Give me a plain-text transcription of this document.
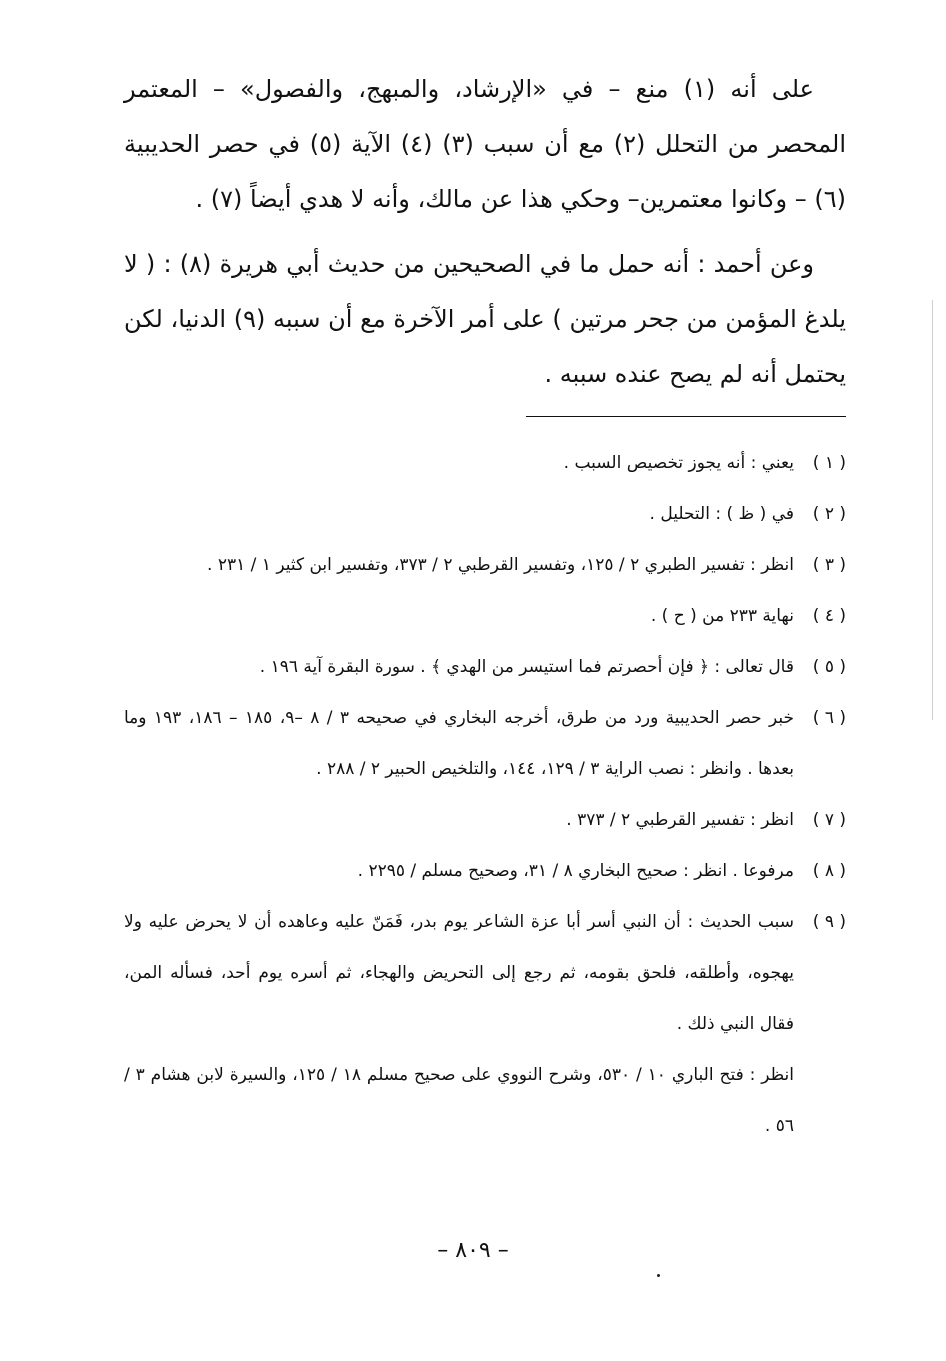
على أنه (١) منع – في «الإرشاد، والمبهج، والفصول» – المعتمر المحصر من التحلل (٢) مع أن سبب (٣) (٤) الآية (٥) في حصر الحديبية (٦) – وكانوا معتمرين– وحكي هذا عن مالك، وأنه لا هدي أيضاً (٧) .

وعن أحمد : أنه حمل ما في الصحيحين من حديث أبي هريرة (٨) : ( لا يلدغ المؤمن من جحر مرتين ) على أمر الآخرة مع أن سببه (٩) الدنيا، لكن يحتمل أنه لم يصح عنده سببه .

( ١ )يعني : أنه يجوز تخصيص السبب .

( ٢ )في ( ظ ) : التحليل .

( ٣ )انظر : تفسير الطبري ٢ / ١٢٥، وتفسير القرطبي ٢ / ٣٧٣، وتفسير ابن كثير ١ / ٢٣١ .

( ٤ )نهاية ٢٣٣ من ( ح ) .

( ٥ )قال تعالى : ﴿ فإن أحصرتم فما استيسر من الهدي ﴾ . سورة البقرة آية ١٩٦ .

( ٦ )خبر حصر الحديبية ورد من طرق، أخرجه البخاري في صحيحه ٣ / ٨ –٩، ١٨٥ – ١٨٦، ١٩٣ وما بعدها . وانظر : نصب الراية ٣ / ١٢٩، ١٤٤، والتلخيص الحبير ٢ / ٢٨٨ .

( ٧ )انظر : تفسير القرطبي ٢ / ٣٧٣ .

( ٨ )مرفوعا . انظر : صحيح البخاري ٨ / ٣١، وصحيح مسلم / ٢٢٩٥ .

( ٩ )سبب الحديث : أن النبي أسر أبا عزة الشاعر يوم بدر، فَمَنّ عليه وعاهده أن لا يحرض عليه ولا يهجوه، وأطلقه، فلحق بقومه، ثم رجع إلى التحريض والهجاء، ثم أسره يوم أحد، فسأله المن، فقال النبي ذلك .

انظر : فتح الباري ١٠ / ٥٣٠، وشرح النووي على صحيح مسلم ١٨ / ١٢٥، والسيرة لابن هشام ٣ / ٥٦ .

– ٨٠٩ –
